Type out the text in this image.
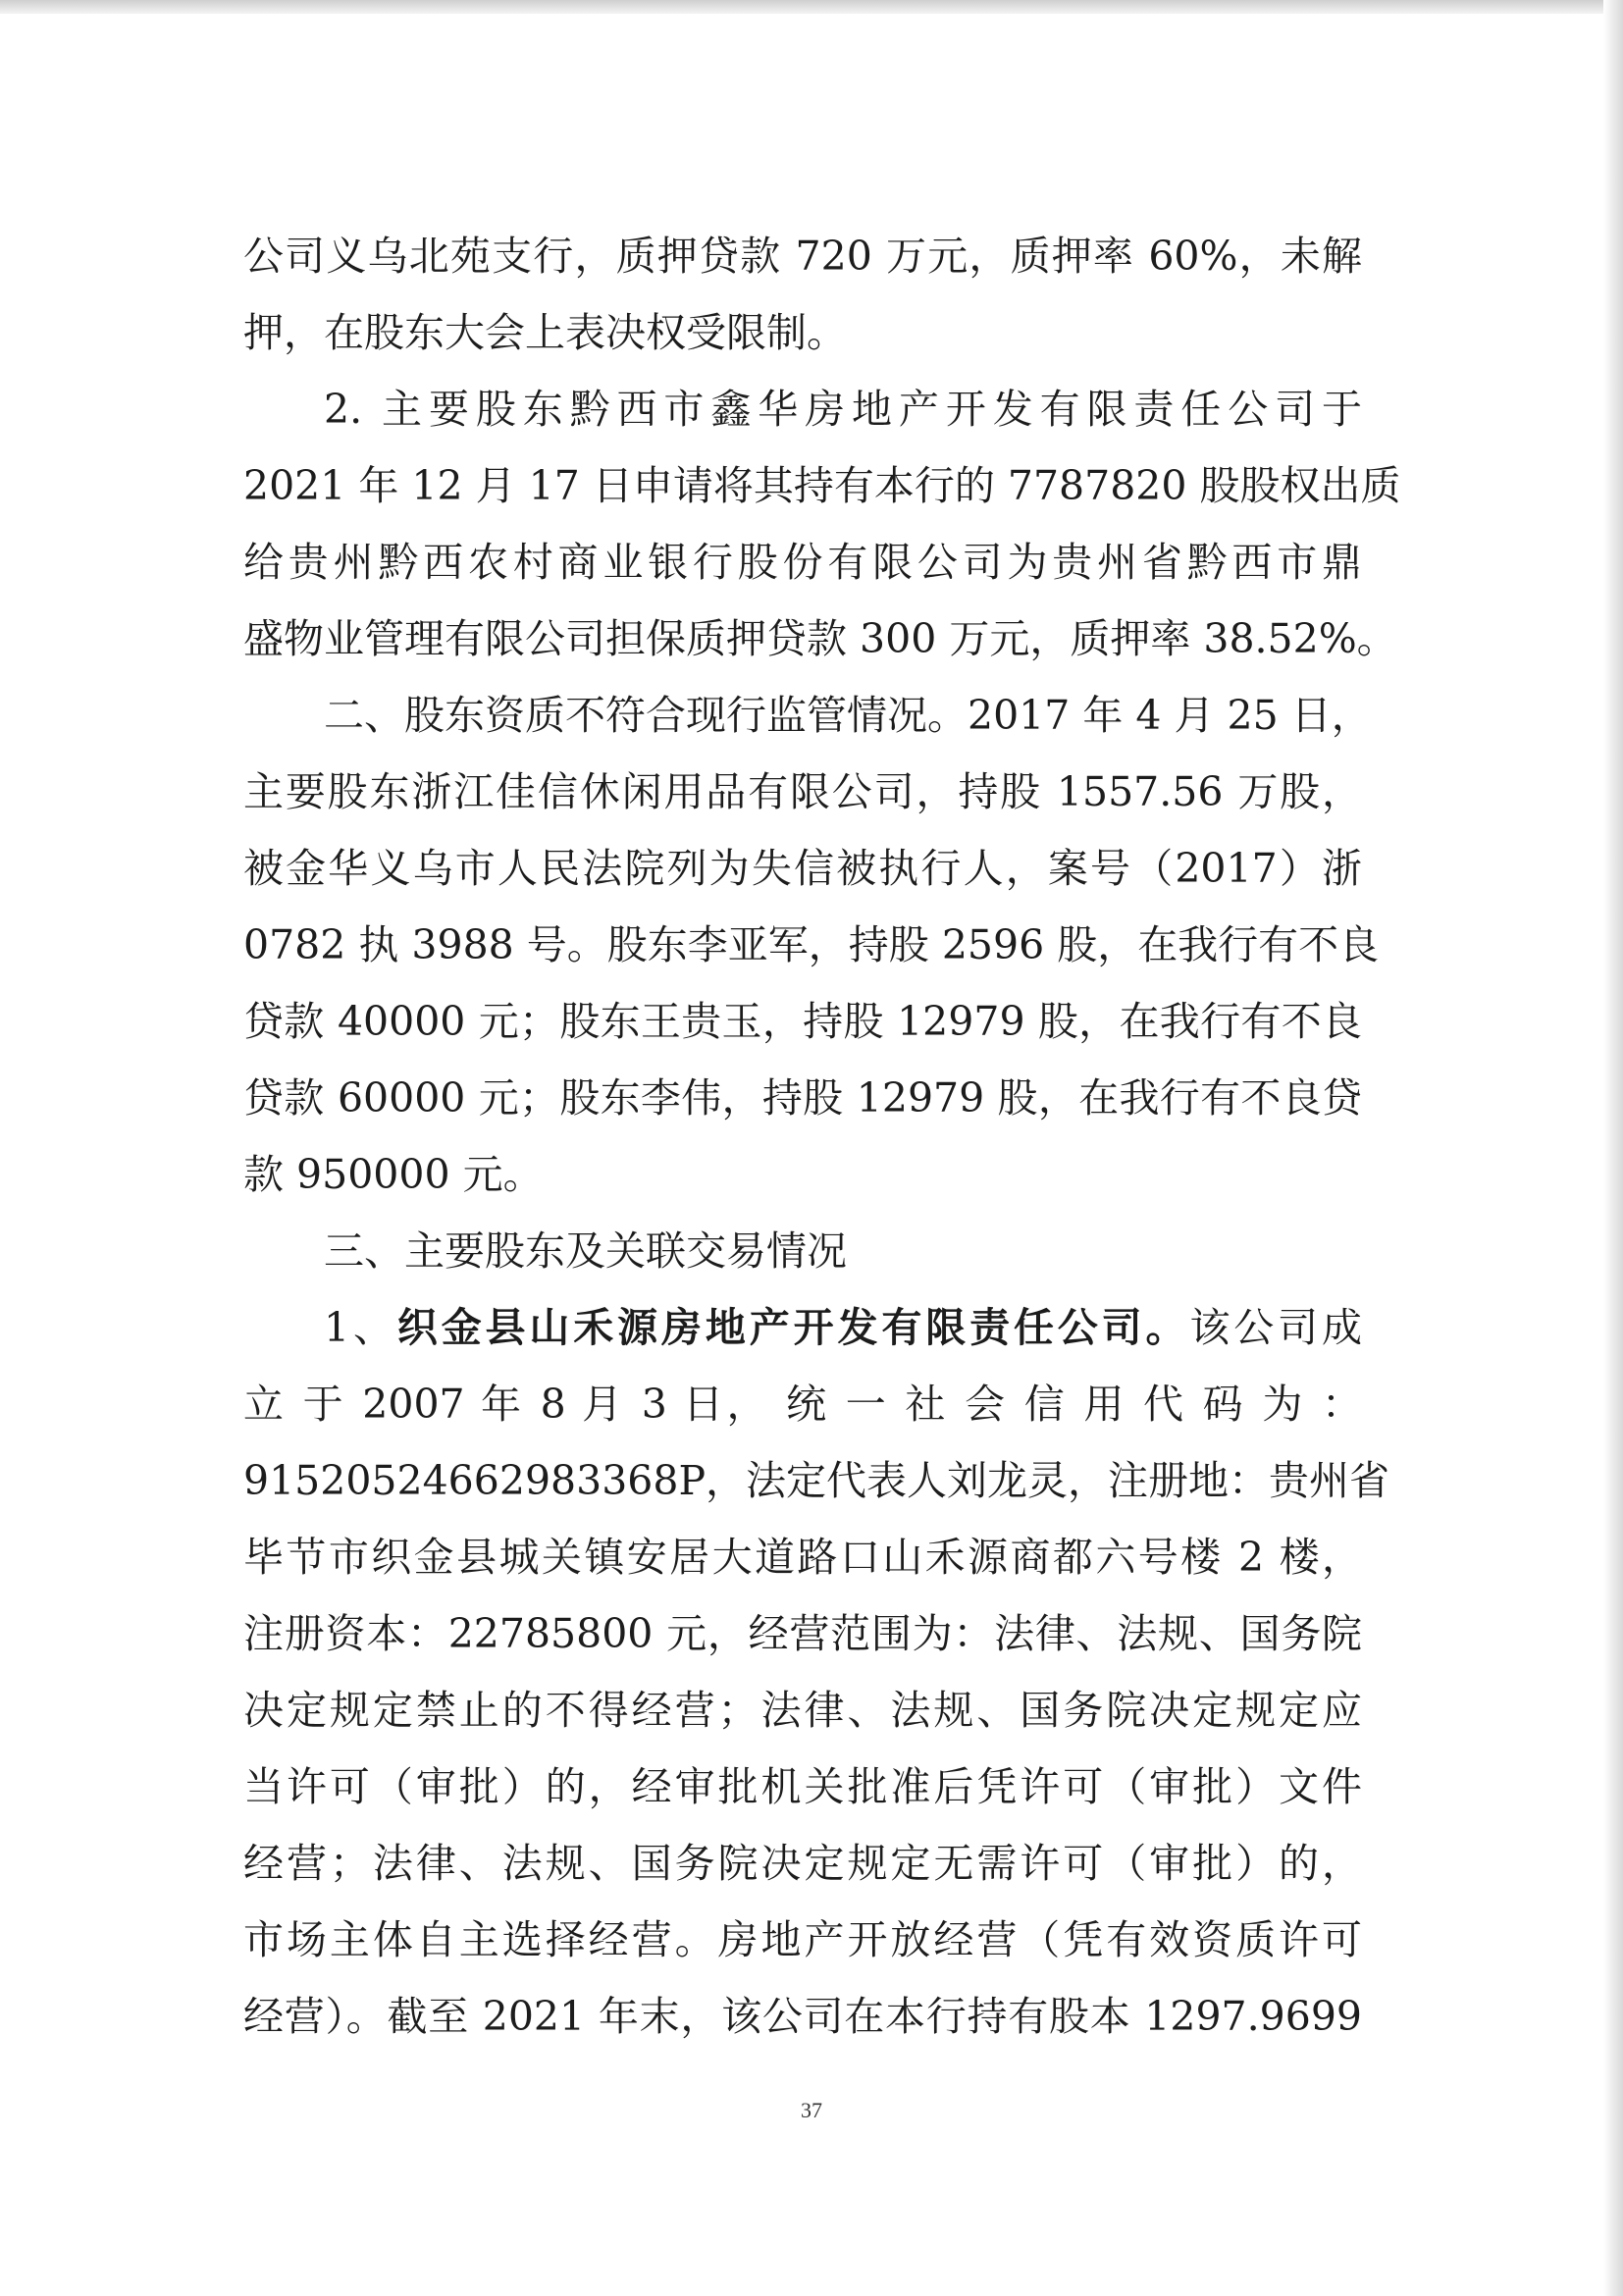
公司义乌北苑支行，质押贷款 720 万元，质押率 60%，未解
押，在股东大会上表决权受限制。
2. 主要股东黔西市鑫华房地产开发有限责任公司于
2021 年 12 月 17 日申请将其持有本行的 7787820 股股权出质
给贵州黔西农村商业银行股份有限公司为贵州省黔西市鼎
盛物业管理有限公司担保质押贷款 300 万元，质押率 38.52%。
二、股东资质不符合现行监管情况。2017 年 4 月 25 日，
主要股东浙江佳信休闲用品有限公司，持股 1557.56 万股，
被金华义乌市人民法院列为失信被执行人，案号（2017）浙
0782 执 3988 号。股东李亚军，持股 2596 股，在我行有不良
贷款 40000 元；股东王贵玉，持股 12979 股，在我行有不良
贷款 60000 元；股东李伟，持股 12979 股，在我行有不良贷
款 950000 元。
三、主要股东及关联交易情况
1、织金县山禾源房地产开发有限责任公司。该公司成
立 于 2007 年 8 月 3 日， 统 一 社 会 信 用 代 码 为 ：
91520524662983368P，法定代表人刘龙灵，注册地：贵州省
毕节市织金县城关镇安居大道路口山禾源商都六号楼 2 楼，
注册资本：22785800 元，经营范围为：法律、法规、国务院
决定规定禁止的不得经营；法律、法规、国务院决定规定应
当许可（审批）的，经审批机关批准后凭许可（审批）文件
经营；法律、法规、国务院决定规定无需许可（审批）的，
市场主体自主选择经营。房地产开放经营（凭有效资质许可
经营）。截至 2021 年末，该公司在本行持有股本 1297.9699
37
